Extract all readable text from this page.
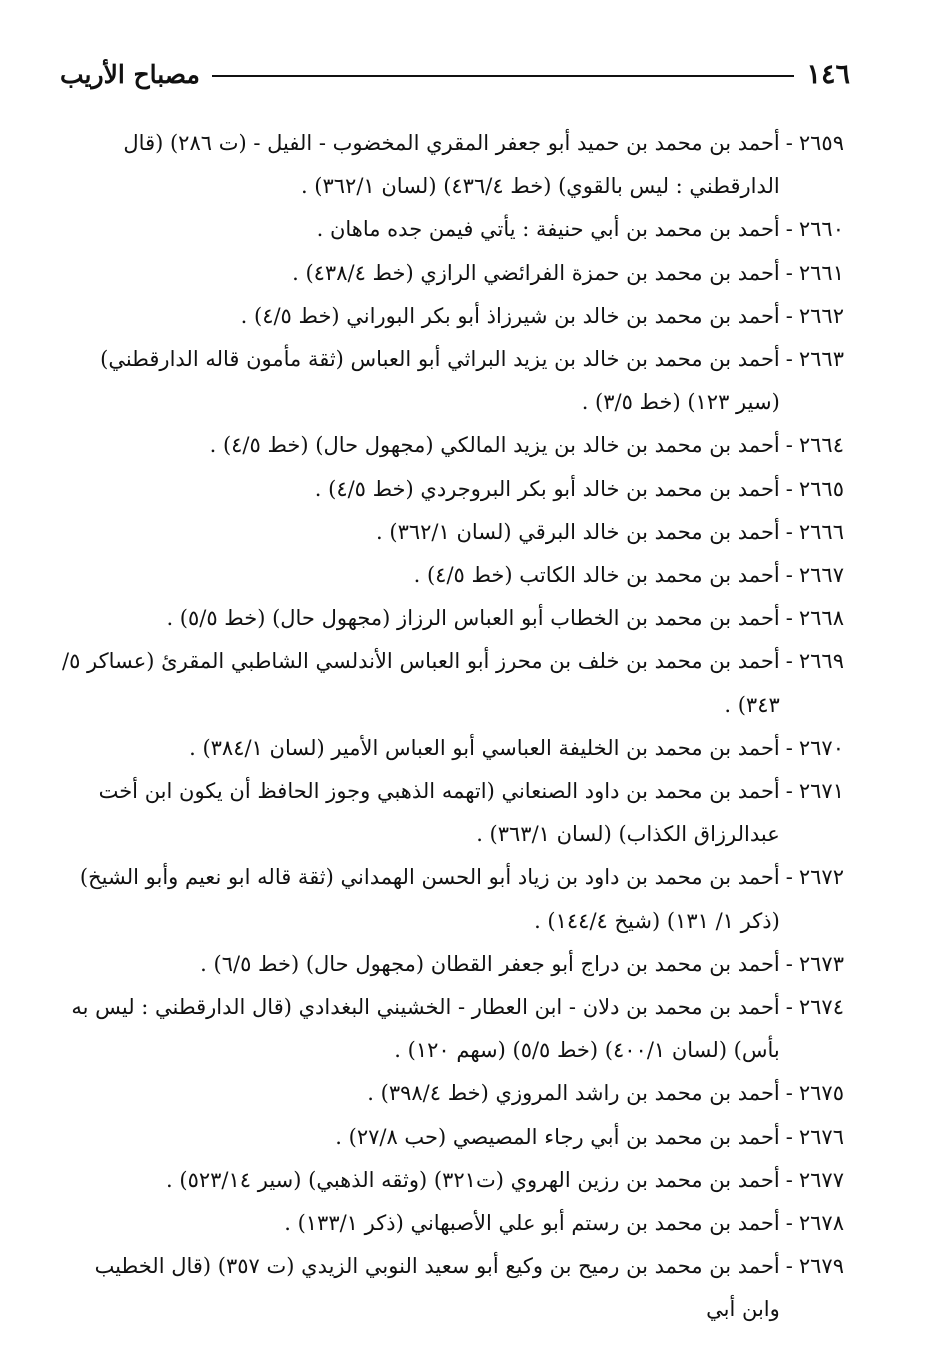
١٤٦
مصباح الأريب
٢٦٥٩
-
أحمد بن محمد بن حميد أبو جعفر المقري المخضوب - الفيل - (ت ٢٨٦) (قال الدارقطني : ليس بالقوي) (خط ٤٣٦/٤) (لسان ٣٦٢/١) .
٢٦٦٠
-
أحمد بن محمد بن أبي حنيفة : يأتي فيمن جده ماهان .
٢٦٦١
-
أحمد بن محمد بن حمزة الفرائضي الرازي (خط ٤٣٨/٤) .
٢٦٦٢
-
أحمد بن محمد بن خالد بن شيرزاذ أبو بكر البوراني (خط ٤/٥) .
٢٦٦٣
-
أحمد بن محمد بن خالد بن يزيد البراثي أبو العباس (ثقة مأمون قاله الدارقطني) (سير ١٢٣) (خط ٣/٥) .
٢٦٦٤
-
أحمد بن محمد بن خالد بن يزيد المالكي (مجهول حال) (خط ٤/٥) .
٢٦٦٥
-
أحمد بن محمد بن خالد أبو بكر البروجردي (خط ٤/٥) .
٢٦٦٦
-
أحمد بن محمد بن خالد البرقي (لسان ٣٦٢/١) .
٢٦٦٧
-
أحمد بن محمد بن خالد الكاتب (خط ٤/٥) .
٢٦٦٨
-
أحمد بن محمد بن الخطاب أبو العباس الرزاز (مجهول حال) (خط ٥/٥) .
٢٦٦٩
-
أحمد بن محمد بن خلف بن محرز أبو العباس الأندلسي الشاطبي المقرئ (عساكر ٥/ ٣٤٣) .
٢٦٧٠
-
أحمد بن محمد بن الخليفة العباسي أبو العباس الأمير (لسان ٣٨٤/١) .
٢٦٧١
-
أحمد بن محمد بن داود الصنعاني (اتهمه الذهبي وجوز الحافظ أن يكون ابن أخت عبدالرزاق الكذاب) (لسان ٣٦٣/١) .
٢٦٧٢
-
أحمد بن محمد بن داود بن زياد أبو الحسن الهمداني (ثقة قاله ابو نعيم وأبو الشيخ) (ذكر ١/ ١٣١) (شيخ ١٤٤/٤) .
٢٦٧٣
-
أحمد بن محمد بن دراج أبو جعفر القطان (مجهول حال) (خط ٦/٥) .
٢٦٧٤
-
أحمد بن محمد بن دلان - ابن العطار - الخشيني البغدادي (قال الدارقطني : ليس به بأس) (لسان ٤٠٠/١) (خط ٥/٥) (سهم ١٢٠) .
٢٦٧٥
-
أحمد بن محمد بن راشد المروزي (خط ٣٩٨/٤) .
٢٦٧٦
-
أحمد بن محمد بن أبي رجاء المصيصي (حب ٢٧/٨) .
٢٦٧٧
-
أحمد بن محمد بن رزين الهروي (ت٣٢١) (وثقه الذهبي) (سير ٥٢٣/١٤) .
٢٦٧٨
-
أحمد بن محمد بن رستم أبو علي الأصبهاني (ذكر ١٣٣/١) .
٢٦٧٩
-
أحمد بن محمد بن رميح بن وكيع أبو سعيد النوبي الزيدي (ت ٣٥٧) (قال الخطيب وابن أبي
